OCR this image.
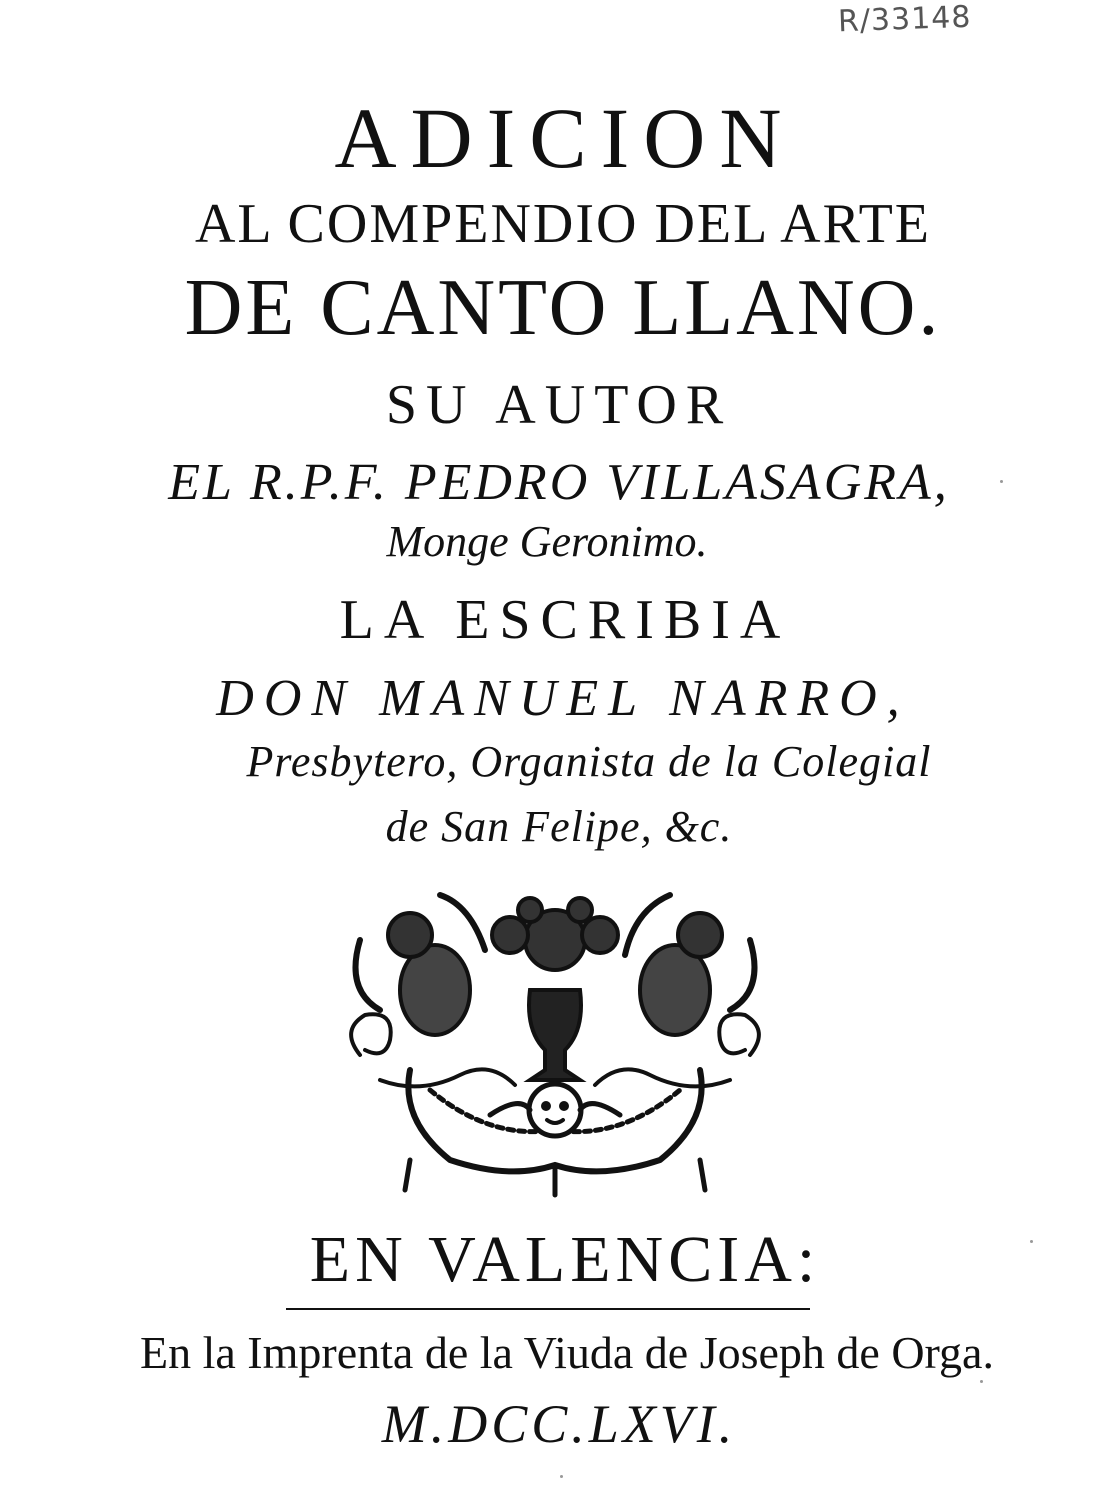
R/33148
ADICION
AL COMPENDIO DEL ARTE
DE CANTO LLANO.
SU AUTOR
EL R.P.F. PEDRO VILLASAGRA,
Monge Geronimo.
LA ESCRIBIA
DON MANUEL NARRO,
Presbytero, Organista de la Colegial
de San Felipe, &c.
EN VALENCIA:
En la Imprenta de la Viuda de Joseph de Orga.
M.DCC.LXVI.
